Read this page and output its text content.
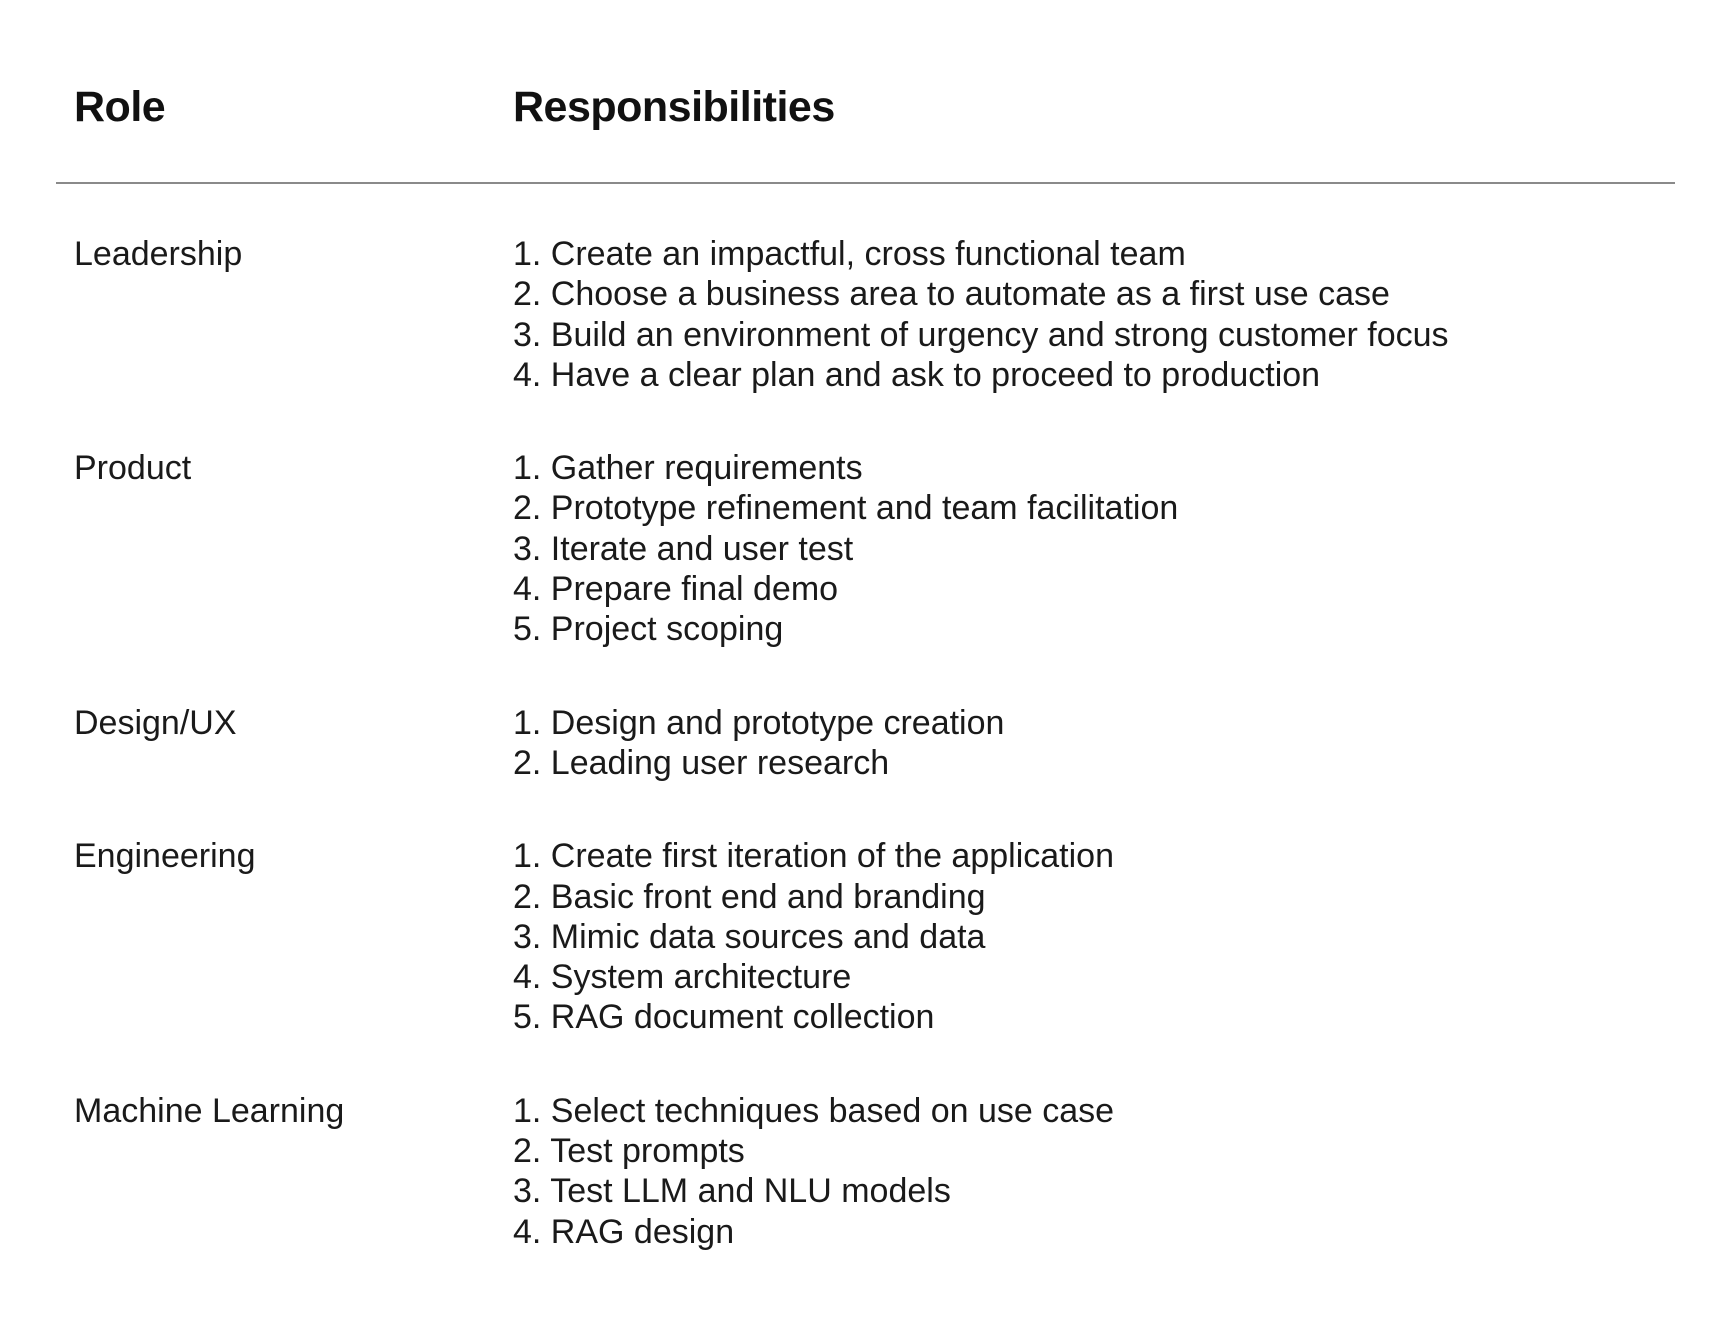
Role	Responsibilities
Leadership	1. Create an impactful, cross functional team
2. Choose a business area to automate as a first use case
3. Build an environment of urgency and strong customer focus
4. Have a clear plan and ask to proceed to production
Product	1. Gather requirements
2. Prototype refinement and team facilitation
3. Iterate and user test
4. Prepare final demo
5. Project scoping
Design/UX	1. Design and prototype creation
2. Leading user research
Engineering	1. Create first iteration of the application
2. Basic front end and branding
3. Mimic data sources and data
4. System architecture
5. RAG document collection
Machine Learning	1. Select techniques based on use case
2. Test prompts
3. Test LLM and NLU models
4. RAG design
